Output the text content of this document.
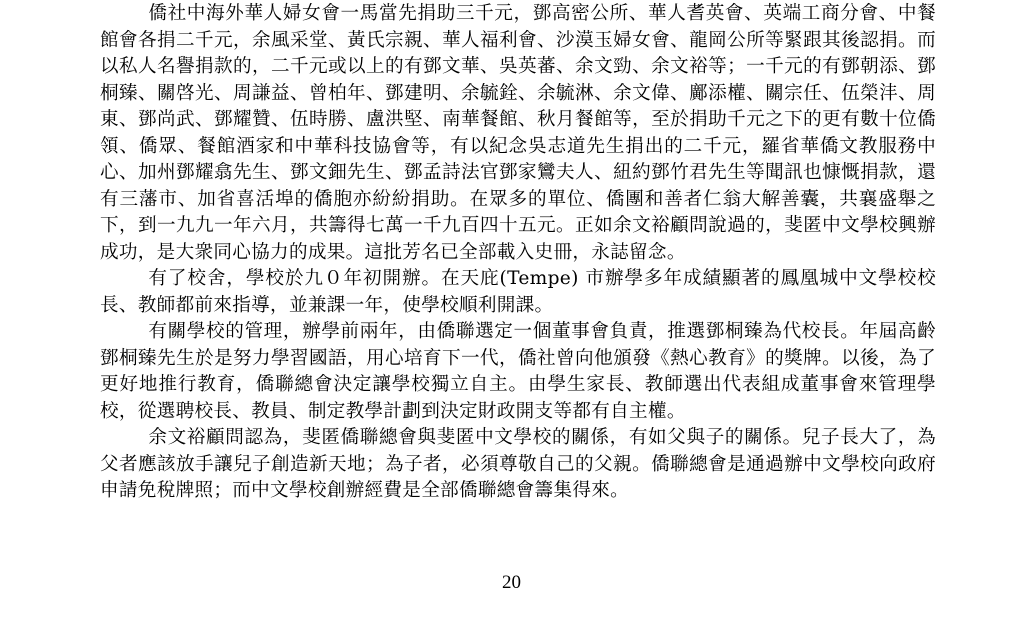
僑社中海外華人婦女會一馬當先捐助三千元，鄧高密公所、華人耆英會、英端工商分會、中餐館會各捐二千元，余風采堂、黃氏宗親、華人福利會、沙漠玉婦女會、龍岡公所等緊跟其後認捐。而以私人名譽捐款的，二千元或以上的有鄧文華、吳英蕃、余文勁、余文裕等；一千元的有鄧朝添、鄧桐臻、關啓光、周謙益、曾柏年、鄧建明、余毓銓、余毓淋、余文偉、鄺添權、關宗任、伍榮沣、周東、鄧尚武、鄧耀贊、伍時勝、盧洪堅、南華餐館、秋月餐館等，至於捐助千元之下的更有數十位僑領、僑眾、餐館酒家和中華科技協會等，有以紀念吳志道先生捐出的二千元，羅省華僑文教服務中心、加州鄧耀翕先生、鄧文鈿先生、鄧孟詩法官鄧家鸞夫人、紐約鄧竹君先生等聞訊也慷慨捐款，還有三藩市、加省喜活埠的僑胞亦紛紛捐助。在眾多的單位、僑團和善者仁翁大解善囊，共襄盛舉之下，到一九九一年六月，共籌得七萬一千九百四十五元。正如余文裕顧問說過的，斐匿中文學校興辦成功，是大衆同心協力的成果。這批芳名已全部載入史冊，永誌留念。

有了校舍，學校於九０年初開辦。在天庇(Tempe) 市辦學多年成績顯著的鳳凰城中文學校校長、教師都前來指導，並兼課一年，使學校順利開課。

有關學校的管理，辦學前兩年，由僑聯選定一個董事會負責，推選鄧桐臻為代校長。年屆高齡鄧桐臻先生於是努力學習國語，用心培育下一代，僑社曾向他頒發《熱心教育》的獎牌。以後，為了更好地推行教育，僑聯總會決定讓學校獨立自主。由學生家長、教師選出代表組成董事會來管理學校，從選聘校長、教員、制定教學計劃到決定財政開支等都有自主權。

余文裕顧問認為，斐匿僑聯總會與斐匿中文學校的關係，有如父與子的關係。兒子長大了，為父者應該放手讓兒子創造新天地；為子者，必須尊敬自己的父親。僑聯總會是通過辦中文學校向政府申請免稅牌照；而中文學校創辦經費是全部僑聯總會籌集得來。

20
